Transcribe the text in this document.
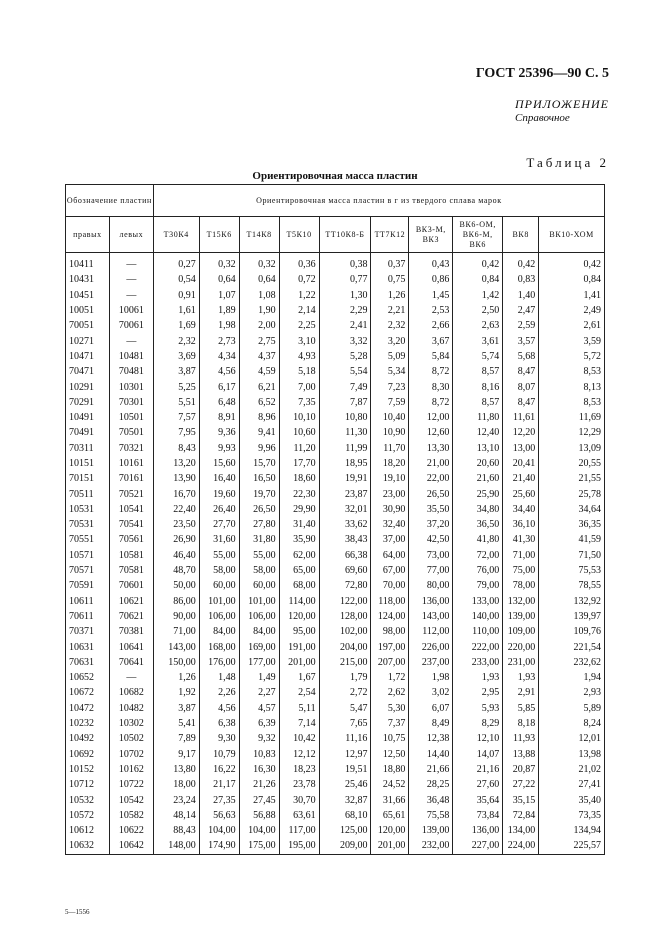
ГОСТ 25396—90 С. 5
ПРИЛОЖЕНИЕ
Справочное
Таблица 2
Ориентировочная масса пластин
Обозначение пластин		Ориентировочная масса пластин в г из твердого сплава марок									
правых	левых	Т30К4	Т15К6	Т14К8	Т5К10	ТТ10К8-Б	ТТ7К12	ВК3-М, ВК3	ВК6-ОМ, ВК6-М, ВК6	ВК8	ВК10-ХОМ
10411	—	0,27	0,32	0,32	0,36	0,38	0,37	0,43	0,42	0,42	0,42
10431	—	0,54	0,64	0,64	0,72	0,77	0,75	0,86	0,84	0,83	0,84
10451	—	0,91	1,07	1,08	1,22	1,30	1,26	1,45	1,42	1,40	1,41
10051	10061	1,61	1,89	1,90	2,14	2,29	2,21	2,53	2,50	2,47	2,49
70051	70061	1,69	1,98	2,00	2,25	2,41	2,32	2,66	2,63	2,59	2,61
10271	—	2,32	2,73	2,75	3,10	3,32	3,20	3,67	3,61	3,57	3,59
10471	10481	3,69	4,34	4,37	4,93	5,28	5,09	5,84	5,74	5,68	5,72
70471	70481	3,87	4,56	4,59	5,18	5,54	5,34	8,72	8,57	8,47	8,53
10291	10301	5,25	6,17	6,21	7,00	7,49	7,23	8,30	8,16	8,07	8,13
70291	70301	5,51	6,48	6,52	7,35	7,87	7,59	8,72	8,57	8,47	8,53
10491	10501	7,57	8,91	8,96	10,10	10,80	10,40	12,00	11,80	11,61	11,69
70491	70501	7,95	9,36	9,41	10,60	11,30	10,90	12,60	12,40	12,20	12,29
70311	70321	8,43	9,93	9,96	11,20	11,99	11,70	13,30	13,10	13,00	13,09
10151	10161	13,20	15,60	15,70	17,70	18,95	18,20	21,00	20,60	20,41	20,55
70151	70161	13,90	16,40	16,50	18,60	19,91	19,10	22,00	21,60	21,40	21,55
70511	70521	16,70	19,60	19,70	22,30	23,87	23,00	26,50	25,90	25,60	25,78
10531	10541	22,40	26,40	26,50	29,90	32,01	30,90	35,50	34,80	34,40	34,64
70531	70541	23,50	27,70	27,80	31,40	33,62	32,40	37,20	36,50	36,10	36,35
70551	70561	26,90	31,60	31,80	35,90	38,43	37,00	42,50	41,80	41,30	41,59
10571	10581	46,40	55,00	55,00	62,00	66,38	64,00	73,00	72,00	71,00	71,50
70571	70581	48,70	58,00	58,00	65,00	69,60	67,00	77,00	76,00	75,00	75,53
70591	70601	50,00	60,00	60,00	68,00	72,80	70,00	80,00	79,00	78,00	78,55
10611	10621	86,00	101,00	101,00	114,00	122,00	118,00	136,00	133,00	132,00	132,92
70611	70621	90,00	106,00	106,00	120,00	128,00	124,00	143,00	140,00	139,00	139,97
70371	70381	71,00	84,00	84,00	95,00	102,00	98,00	112,00	110,00	109,00	109,76
10631	10641	143,00	168,00	169,00	191,00	204,00	197,00	226,00	222,00	220,00	221,54
70631	70641	150,00	176,00	177,00	201,00	215,00	207,00	237,00	233,00	231,00	232,62
10652	—	1,26	1,48	1,49	1,67	1,79	1,72	1,98	1,93	1,93	1,94
10672	10682	1,92	2,26	2,27	2,54	2,72	2,62	3,02	2,95	2,91	2,93
10472	10482	3,87	4,56	4,57	5,11	5,47	5,30	6,07	5,93	5,85	5,89
10232	10302	5,41	6,38	6,39	7,14	7,65	7,37	8,49	8,29	8,18	8,24
10492	10502	7,89	9,30	9,32	10,42	11,16	10,75	12,38	12,10	11,93	12,01
10692	10702	9,17	10,79	10,83	12,12	12,97	12,50	14,40	14,07	13,88	13,98
10152	10162	13,80	16,22	16,30	18,23	19,51	18,80	21,66	21,16	20,87	21,02
10712	10722	18,00	21,17	21,26	23,78	25,46	24,52	28,25	27,60	27,22	27,41
10532	10542	23,24	27,35	27,45	30,70	32,87	31,66	36,48	35,64	35,15	35,40
10572	10582	48,14	56,63	56,88	63,61	68,10	65,61	75,58	73,84	72,84	73,35
10612	10622	88,43	104,00	104,00	117,00	125,00	120,00	139,00	136,00	134,00	134,94
10632	10642	148,00	174,90	175,00	195,00	209,00	201,00	232,00	227,00	224,00	225,57
5—1556
